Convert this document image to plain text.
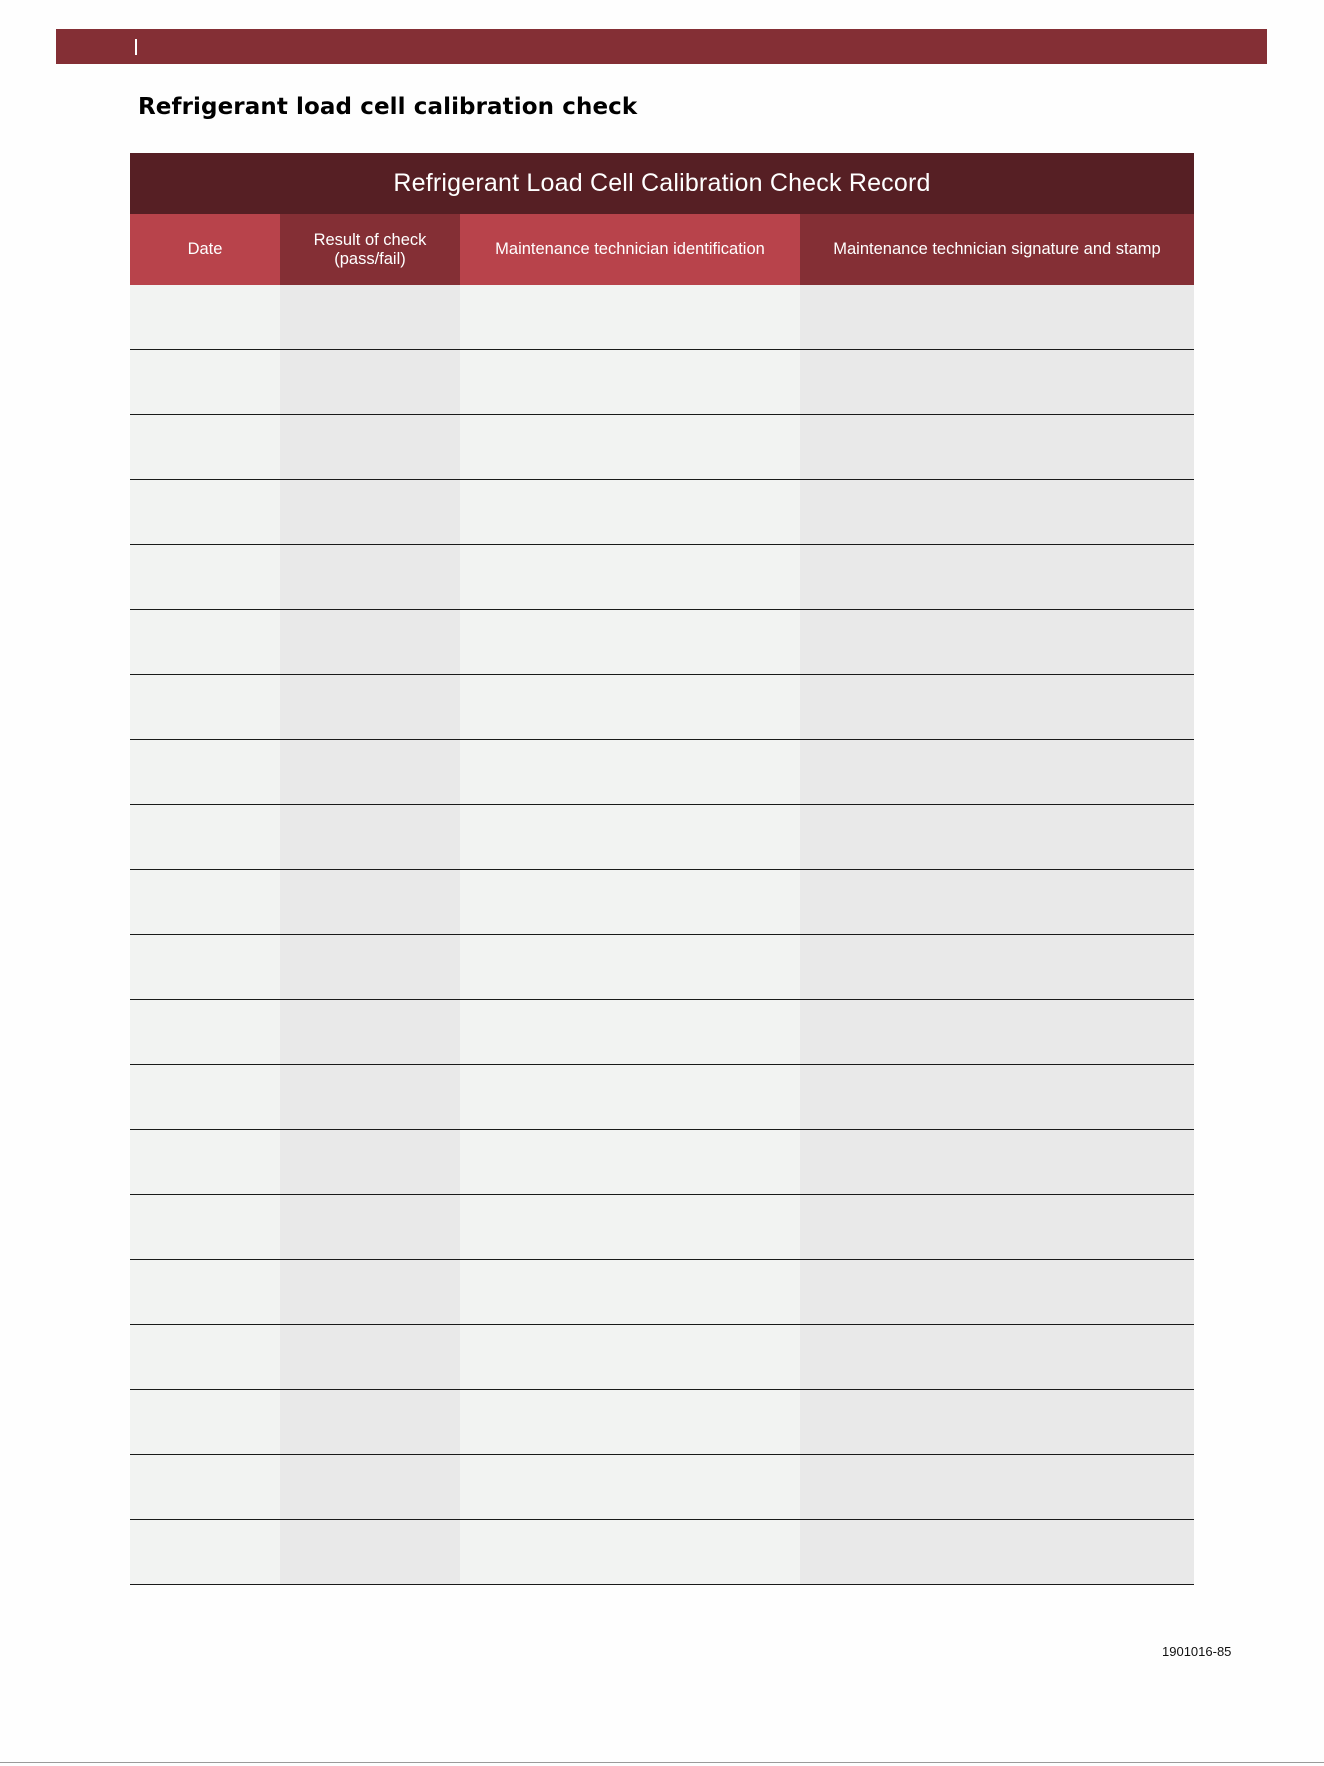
Refrigerant load cell calibration check
Refrigerant Load Cell Calibration Check Record
Date
Result of check (pass/fail)
Maintenance technician identification	Maintenance technician signature and stamp
1901016-85
